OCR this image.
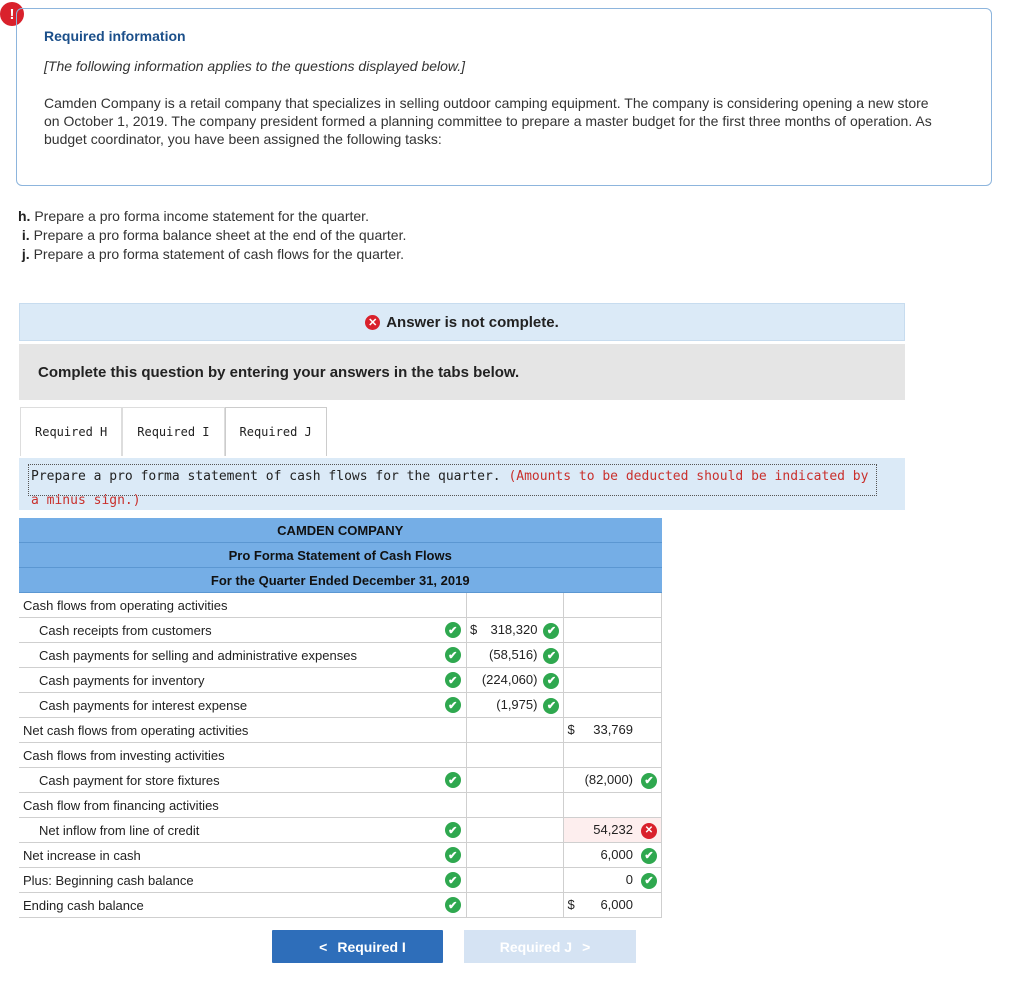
!
Required information
[The following information applies to the questions displayed below.]
Camden Company is a retail company that specializes in selling outdoor camping equipment. The company is considering opening a new store on October 1, 2019. The company president formed a planning committee to prepare a master budget for the first three months of operation. As budget coordinator, you have been assigned the following tasks:
h. Prepare a pro forma income statement for the quarter.
i. Prepare a pro forma balance sheet at the end of the quarter.
j. Prepare a pro forma statement of cash flows for the quarter.
✕ Answer is not complete.
Complete this question by entering your answers in the tabs below.
Required H	Required I	Required J
Prepare a pro forma statement of cash flows for the quarter. (Amounts to be deducted should be indicated by a minus sign.)
CAMDEN COMPANY			
Pro Forma Statement of Cash Flows			
For the Quarter Ended December 31, 2019			
Cash flows from operating activities			
Cash receipts from customers	✔	$ 318,320 ✔	

Cash payments for selling and administrative expenses	✔	(58,516) ✔	

Cash payments for inventory	✔	(224,060) ✔	

Cash payments for interest expense	✔	(1,975) ✔	

Net cash flows from operating activities			$ 33,769

Cash flows from investing activities			
Cash payment for store fixtures	✔		(82,000) ✔

Cash flow from financing activities			
Net inflow from line of credit	✔		54,232 ✕

Net increase in cash	✔		6,000 ✔

Plus: Beginning cash balance	✔		0 ✔

Ending cash balance	✔		$ 6,000
< Required I	Required J >
